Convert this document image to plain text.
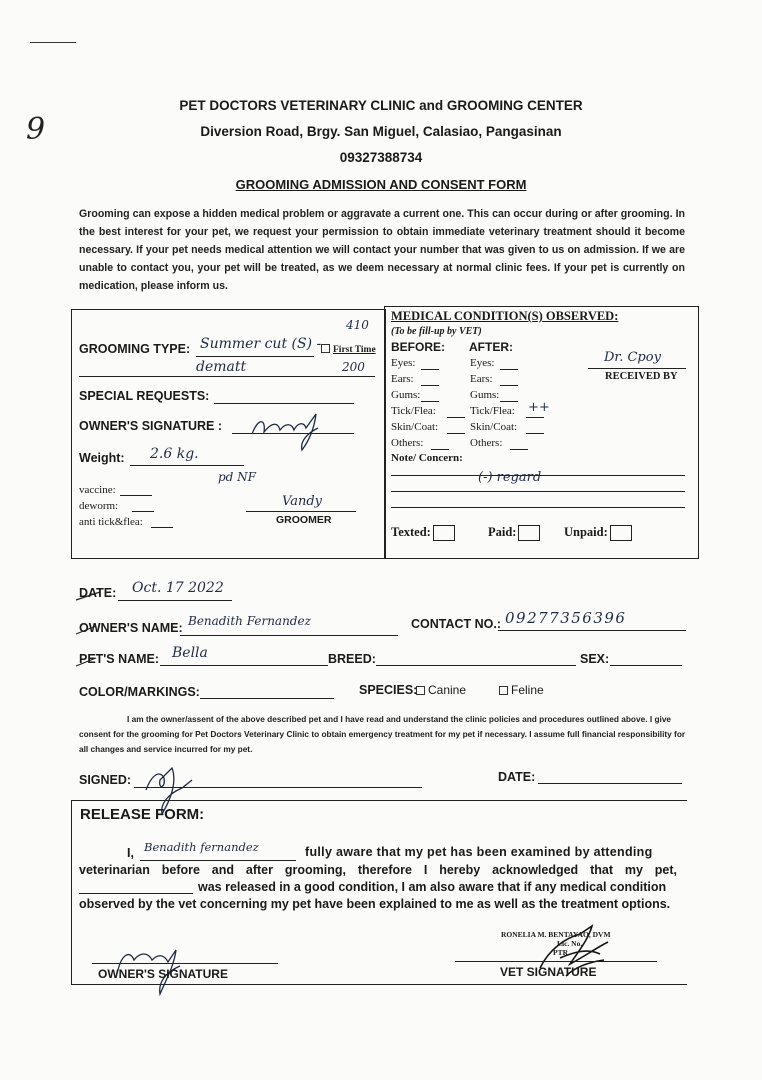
9
PET DOCTORS VETERINARY CLINIC and GROOMING CENTER
Diversion Road, Brgy. San Miguel, Calasiao, Pangasinan
09327388734
GROOMING ADMISSION AND CONSENT FORM
Grooming can expose a hidden medical problem or aggravate a current one. This can occur during or after grooming. In the best interest for your pet, we request your permission to obtain immediate veterinary treatment should it become necessary. If your pet needs medical attention we will contact your number that was given to us on admission. If we are unable to contact you, your pet will be treated, as we deem necessary at normal clinic fees. If your pet is currently on medication, please inform us.
GROOMING TYPE: Summer cut (S) -
410
First Time
dematt	200
SPECIAL REQUESTS:
OWNER'S SIGNATURE :
Weight: 2.6 kg.
pd NF
vaccine:
deworm:
anti tick&flea:
Vandy
GROOMER
MEDICAL CONDITION(S) OBSERVED:
(To be fill-up by VET)
BEFORE: AFTER:
Dr. Cpoy
RECEIVED BY
Eyes:	Eyes:
Ears:	Ears:
Gums:	Gums:
Tick/Flea:	Tick/Flea:
Skin/Coat:	Skin/Coat:
Others:	Others:
++
Note/ Concern:
(-) regard
Texted:	Paid:	Unpaid:
DATE: Oct. 17 2022
OWNER'S NAME: Benadith Fernandez	CONTACT NO.: 09277356396
PET'S NAME: Bella	BREED:	SEX:
COLOR/MARKINGS:	SPECIES: Canine	Feline
I am the owner/assent of the above described pet and I have read and understand the clinic policies and procedures outlined above. I give consent for the grooming for Pet Doctors Veterinary Clinic to obtain emergency treatment for my pet if necessary. I assume full financial responsibility for all changes and service incurred for my pet.
SIGNED:	DATE:
RELEASE FORM:
I, Benadith fernandez	fully aware that my pet has been examined by attending
veterinarian before and after grooming, therefore I hereby acknowledged that my pet,
was released in a good condition, I am also aware that if any medical condition
observed by the vet concerning my pet have been explained to me as well as the treatment options.
RONELIA M. BENTAYAO, DVM
Lic. No.
PTR
OWNER'S SIGNATURE	VET SIGNATURE
